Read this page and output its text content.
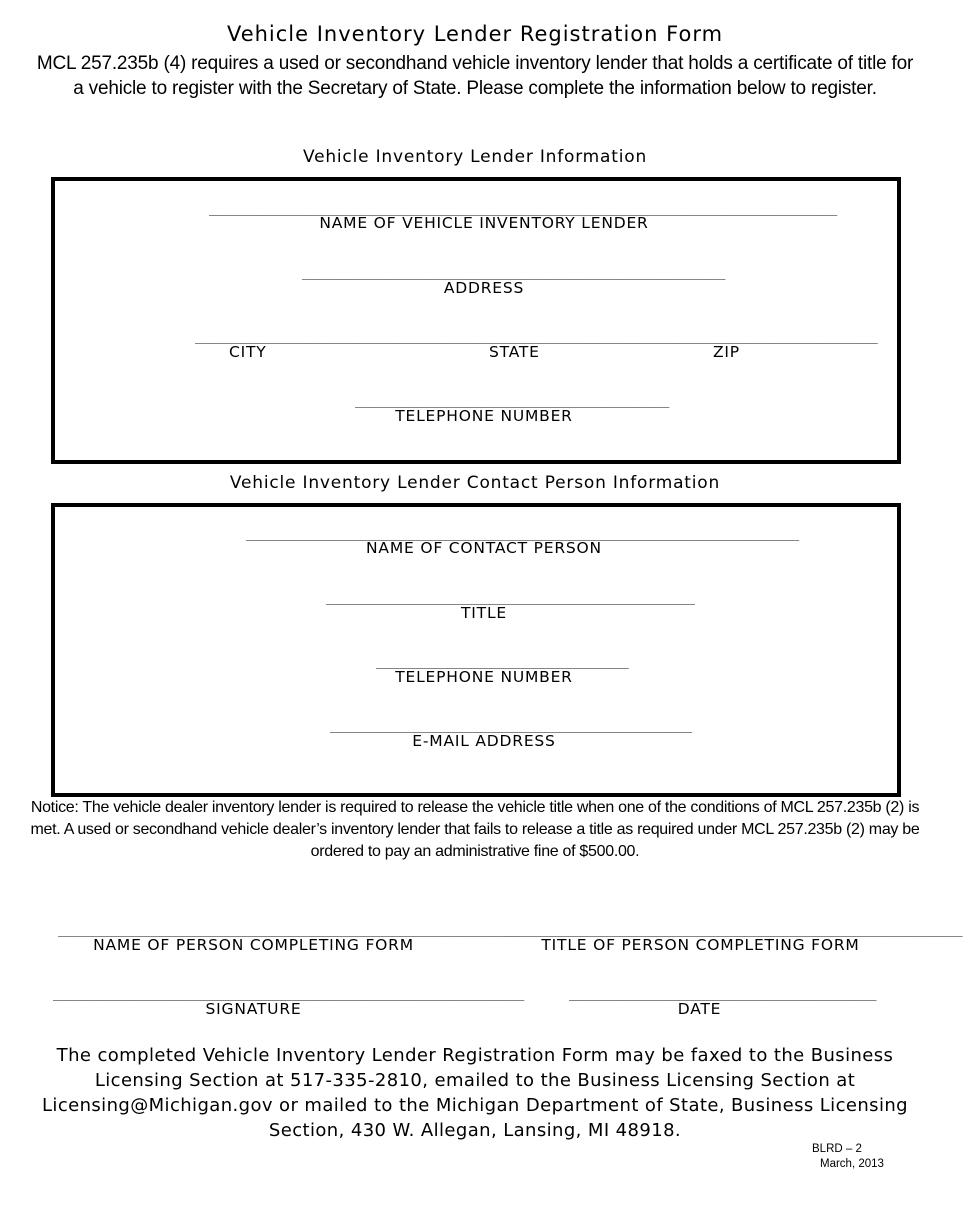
Vehicle Inventory Lender Registration Form
MCL 257.235b (4) requires a used or secondhand vehicle inventory lender that holds a certificate of title for a vehicle to register with the Secretary of State. Please complete the information below to register.
Vehicle Inventory Lender Information
____________________________________________________________________________________________
NAME OF VEHICLE INVENTORY LENDER
______________________________________________________________
ADDRESS
____________________________________________________________________________________________________
CITY	STATE	ZIP
______________________________________________
TELEPHONE NUMBER
Vehicle Inventory Lender Contact Person Information
_________________________________________________________________________________
NAME OF CONTACT PERSON
______________________________________________________
TITLE
_____________________________________
TELEPHONE NUMBER
_____________________________________________________
E-MAIL ADDRESS
Notice: The vehicle dealer inventory lender is required to release the vehicle title when one of the conditions of MCL 257.235b (2) is met. A used or secondhand vehicle dealer’s inventory lender that fails to release a title as required under MCL 257.235b (2) may be ordered to pay an administrative fine of $500.00.
___________________________________________________________________
NAME OF PERSON COMPLETING FORM
___________________________________________________________________
TITLE OF PERSON COMPLETING FORM
_____________________________________________________________________
SIGNATURE
_____________________________________________
DATE
The completed Vehicle Inventory Lender Registration Form may be faxed to the Business Licensing Section at 517-335-2810, emailed to the Business Licensing Section at Licensing@Michigan.gov or mailed to the Michigan Department of State, Business Licensing Section, 430 W. Allegan, Lansing, MI 48918.
BLRD – 2
March, 2013
